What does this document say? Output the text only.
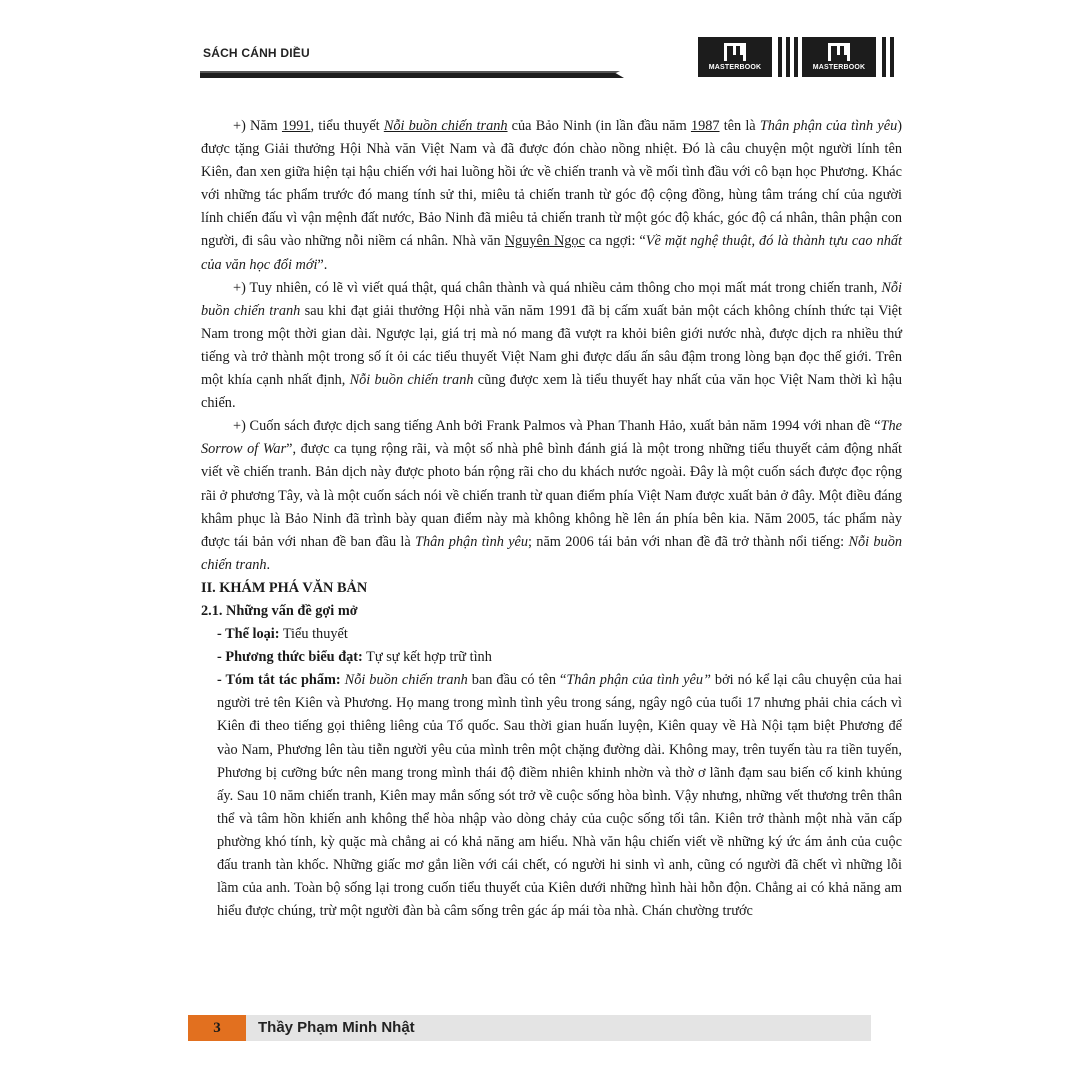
SÁCH CÁNH DIỀU
MASTERBOOK	MASTERBOOK

+) Năm 1991, tiểu thuyết Nỗi buồn chiến tranh của Bảo Ninh (in lần đầu năm 1987 tên là Thân phận của tình yêu) được tặng Giải thưởng Hội Nhà văn Việt Nam và đã được đón chào nồng nhiệt. Đó là câu chuyện một người lính tên Kiên, đan xen giữa hiện tại hậu chiến với hai luồng hồi ức về chiến tranh và về mối tình đầu với cô bạn học Phương. Khác với những tác phẩm trước đó mang tính sử thi, miêu tả chiến tranh từ góc độ cộng đồng, hùng tâm tráng chí của người lính chiến đấu vì vận mệnh đất nước, Bảo Ninh đã miêu tả chiến tranh từ một góc độ khác, góc độ cá nhân, thân phận con người, đi sâu vào những nỗi niềm cá nhân. Nhà văn Nguyên Ngọc ca ngợi: “Về mặt nghệ thuật, đó là thành tựu cao nhất của văn học đổi mới”.

+) Tuy nhiên, có lẽ vì viết quá thật, quá chân thành và quá nhiều cảm thông cho mọi mất mát trong chiến tranh, Nỗi buồn chiến tranh sau khi đạt giải thưởng Hội nhà văn năm 1991 đã bị cấm xuất bản một cách không chính thức tại Việt Nam trong một thời gian dài. Ngược lại, giá trị mà nó mang đã vượt ra khỏi biên giới nước nhà, được dịch ra nhiều thứ tiếng và trở thành một trong số ít ỏi các tiểu thuyết Việt Nam ghi được dấu ấn sâu đậm trong lòng bạn đọc thế giới. Trên một khía cạnh nhất định, Nỗi buồn chiến tranh cũng được xem là tiểu thuyết hay nhất của văn học Việt Nam thời kì hậu chiến.

+) Cuốn sách được dịch sang tiếng Anh bởi Frank Palmos và Phan Thanh Hảo, xuất bản năm 1994 với nhan đề “The Sorrow of War”, được ca tụng rộng rãi, và một số nhà phê bình đánh giá là một trong những tiểu thuyết cảm động nhất viết về chiến tranh. Bản dịch này được photo bán rộng rãi cho du khách nước ngoài. Đây là một cuốn sách được đọc rộng rãi ở phương Tây, và là một cuốn sách nói về chiến tranh từ quan điểm phía Việt Nam được xuất bản ở đây. Một điều đáng khâm phục là Bảo Ninh đã trình bày quan điểm này mà không không hề lên án phía bên kia. Năm 2005, tác phẩm này được tái bản với nhan đề ban đầu là Thân phận tình yêu; năm 2006 tái bản với nhan đề đã trở thành nổi tiếng: Nỗi buồn chiến tranh.

II. KHÁM PHÁ VĂN BẢN

2.1. Những vấn đề gợi mở

- Thể loại: Tiểu thuyết

- Phương thức biểu đạt: Tự sự kết hợp trữ tình

- Tóm tắt tác phẩm: Nỗi buồn chiến tranh ban đầu có tên “Thân phận của tình yêu” bởi nó kể lại câu chuyện của hai người trẻ tên Kiên và Phương. Họ mang trong mình tình yêu trong sáng, ngây ngô của tuổi 17 nhưng phải chia cách vì Kiên đi theo tiếng gọi thiêng liêng của Tổ quốc. Sau thời gian huấn luyện, Kiên quay về Hà Nội tạm biệt Phương để vào Nam, Phương lên tàu tiễn người yêu của mình trên một chặng đường dài. Không may, trên tuyến tàu ra tiền tuyến, Phương bị cưỡng bức nên mang trong mình thái độ điềm nhiên khinh nhờn và thờ ơ lãnh đạm sau biến cố kinh khủng ấy. Sau 10 năm chiến tranh, Kiên may mắn sống sót trở về cuộc sống hòa bình. Vậy nhưng, những vết thương trên thân thể và tâm hồn khiến anh không thể hòa nhập vào dòng chảy của cuộc sống tối tân. Kiên trở thành một nhà văn cấp phường khó tính, kỳ quặc mà chẳng ai có khả năng am hiểu. Nhà văn hậu chiến viết về những ký ức ám ảnh của cuộc đấu tranh tàn khốc. Những giấc mơ gắn liền với cái chết, có người hi sinh vì anh, cũng có người đã chết vì những lỗi lầm của anh. Toàn bộ sống lại trong cuốn tiểu thuyết của Kiên dưới những hình hài hỗn độn. Chẳng ai có khả năng am hiểu được chúng, trừ một người đàn bà câm sống trên gác áp mái tòa nhà. Chán chường trước

3	Thầy Phạm Minh Nhật
